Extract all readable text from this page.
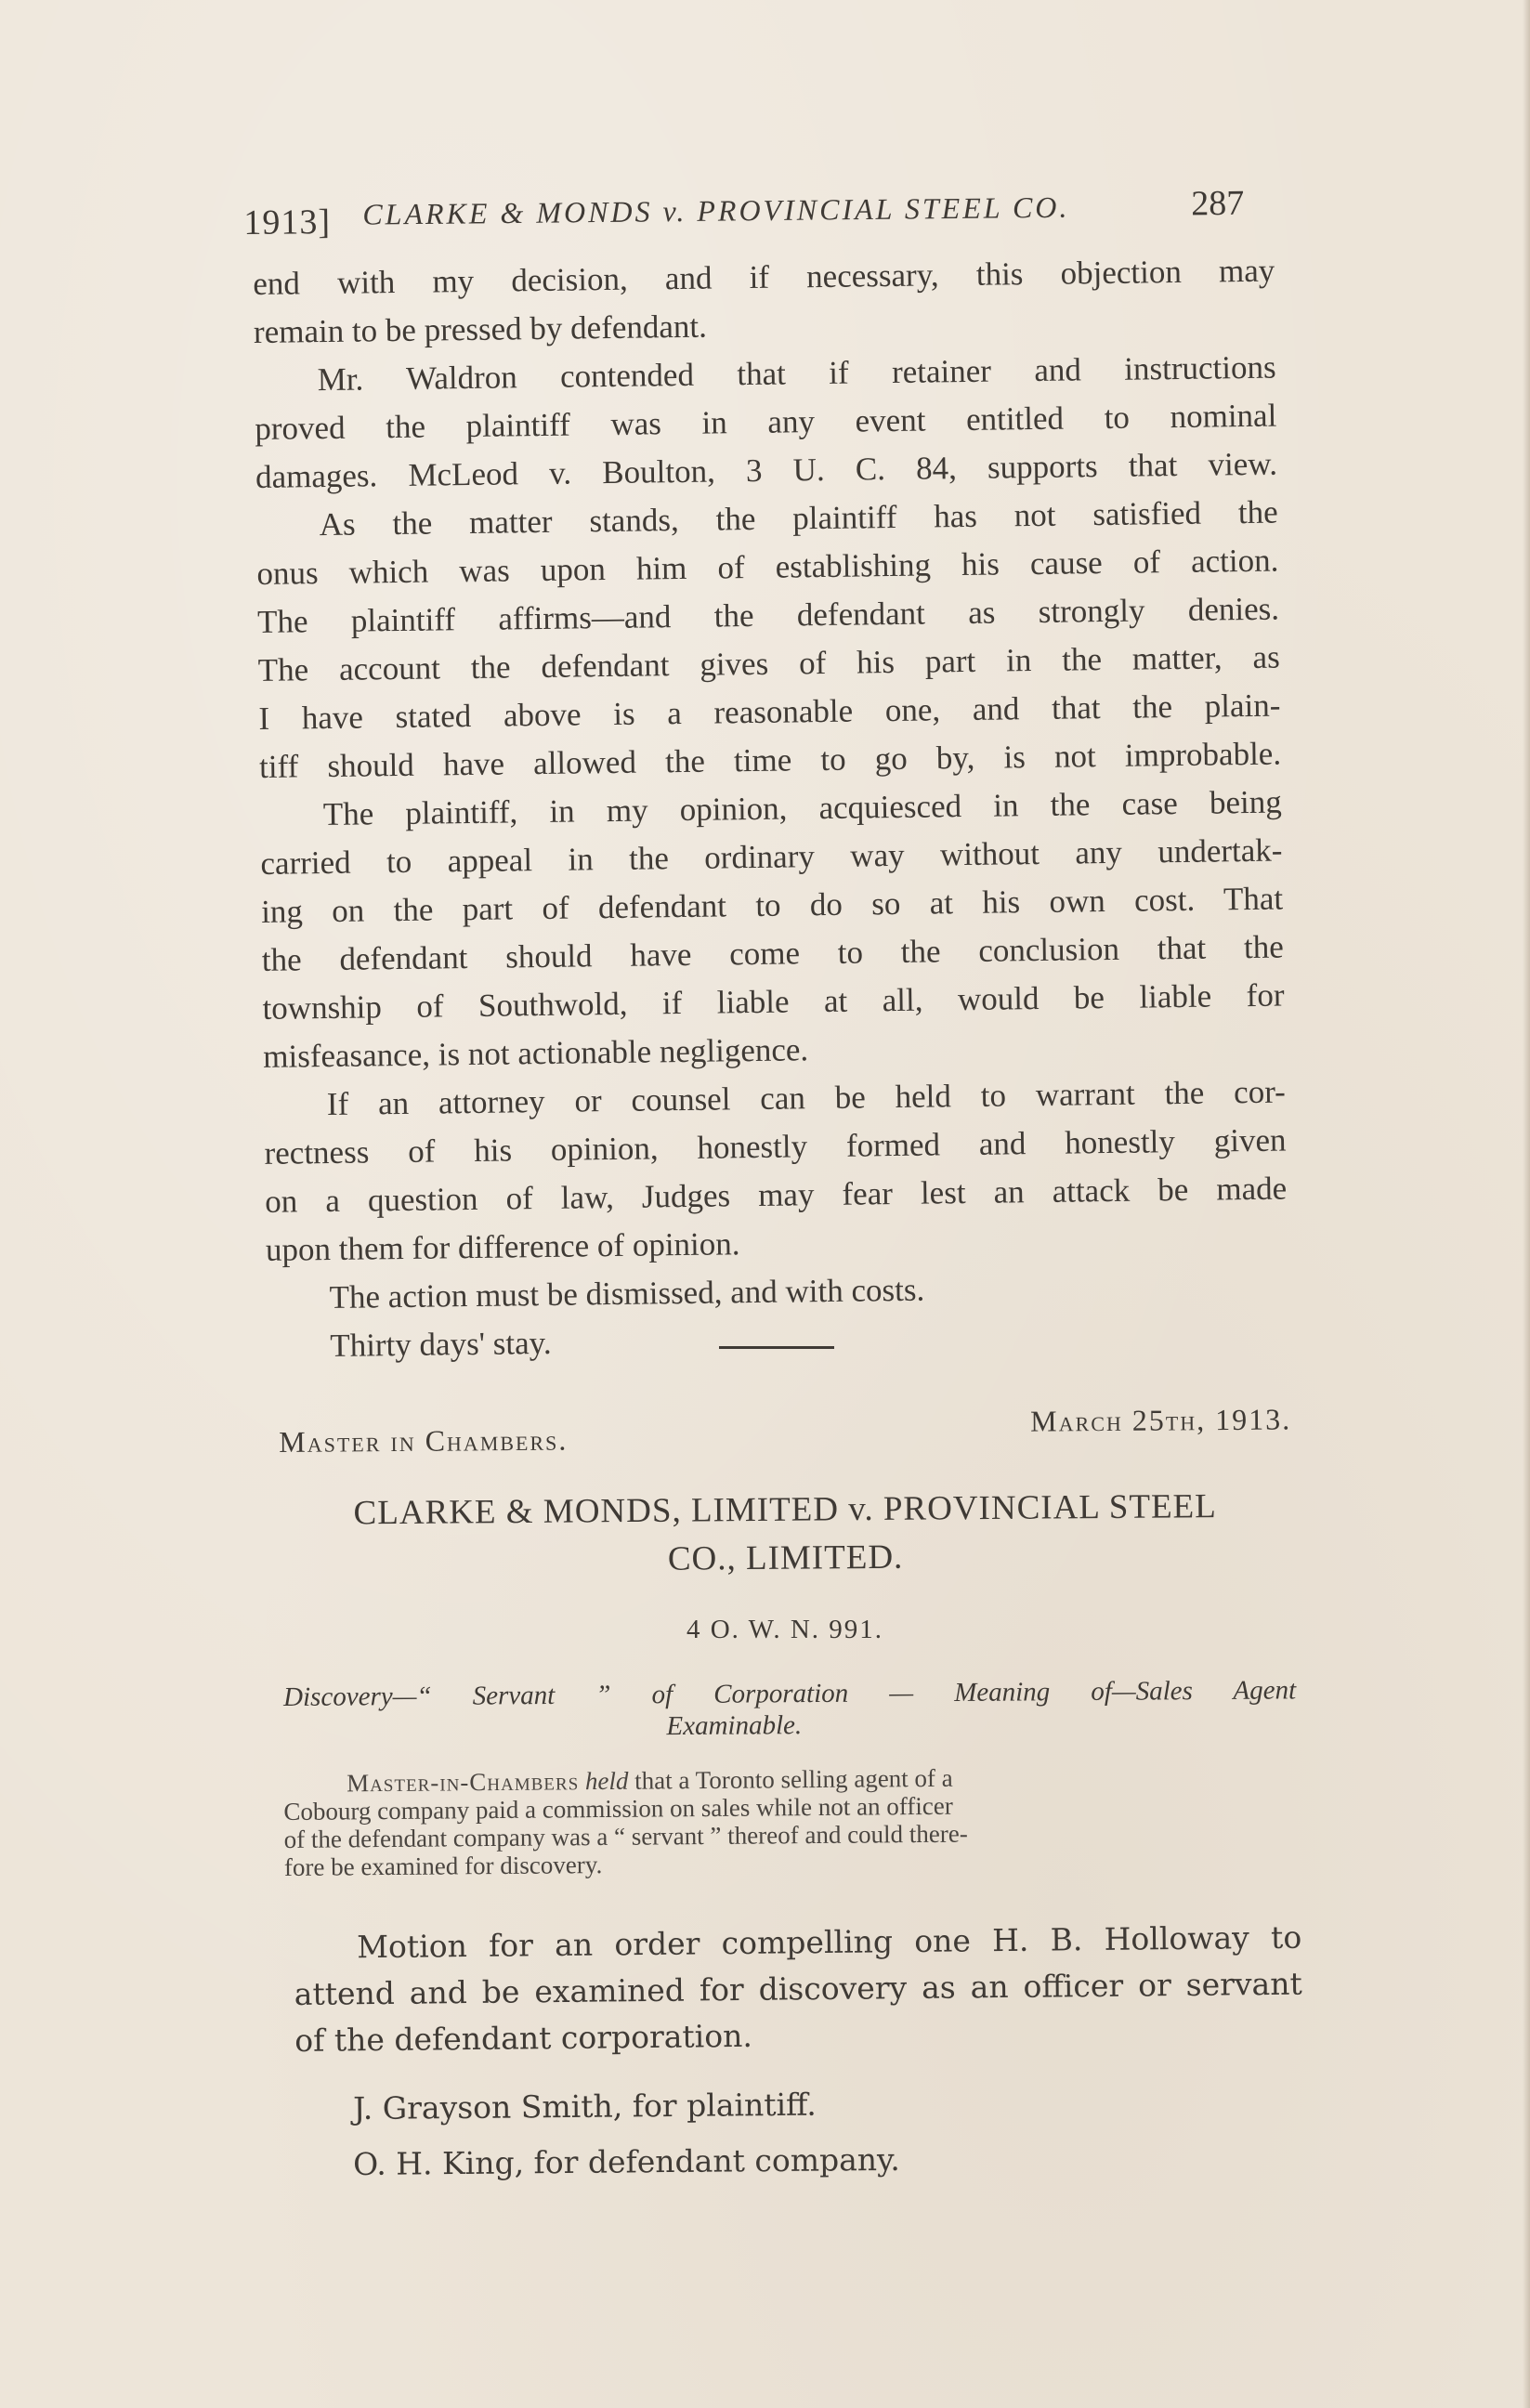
1913] CLARKE & MONDS v. PROVINCIAL STEEL CO.	287
end with my decision, and if necessary, this objection may
remain to be pressed by defendant.
Mr. Waldron contended that if retainer and instructions
proved the plaintiff was in any event entitled to nominal
damages. McLeod v. Boulton, 3 U. C. 84, supports that view.
As the matter stands, the plaintiff has not satisfied the
onus which was upon him of establishing his cause of action.
The plaintiff affirms—and the defendant as strongly denies.
The account the defendant gives of his part in the matter, as
I have stated above is a reasonable one, and that the plain-
tiff should have allowed the time to go by, is not improbable.
The plaintiff, in my opinion, acquiesced in the case being
carried to appeal in the ordinary way without any undertak-
ing on the part of defendant to do so at his own cost. That
the defendant should have come to the conclusion that the
township of Southwold, if liable at all, would be liable for
misfeasance, is not actionable negligence.
If an attorney or counsel can be held to warrant the cor-
rectness of his opinion, honestly formed and honestly given
on a question of law, Judges may fear lest an attack be made
upon them for difference of opinion.
The action must be dismissed, and with costs.
Thirty days' stay.
Master in Chambers.
March 25th, 1913.
CLARKE & MONDS, LIMITED v. PROVINCIAL STEEL
CO., LIMITED.
4 O. W. N. 991.
Discovery—“ Servant ” of Corporation — Meaning of—Sales Agent
Examinable.
Master-in-Chambers held that a Toronto selling agent of a
Cobourg company paid a commission on sales while not an officer
of the defendant company was a “ servant ” thereof and could there-
fore be examined for discovery.
Motion for an order compelling one H. B. Holloway to
attend and be examined for discovery as an officer or servant
of the defendant corporation.
J. Grayson Smith, for plaintiff.
O. H. King, for defendant company.
